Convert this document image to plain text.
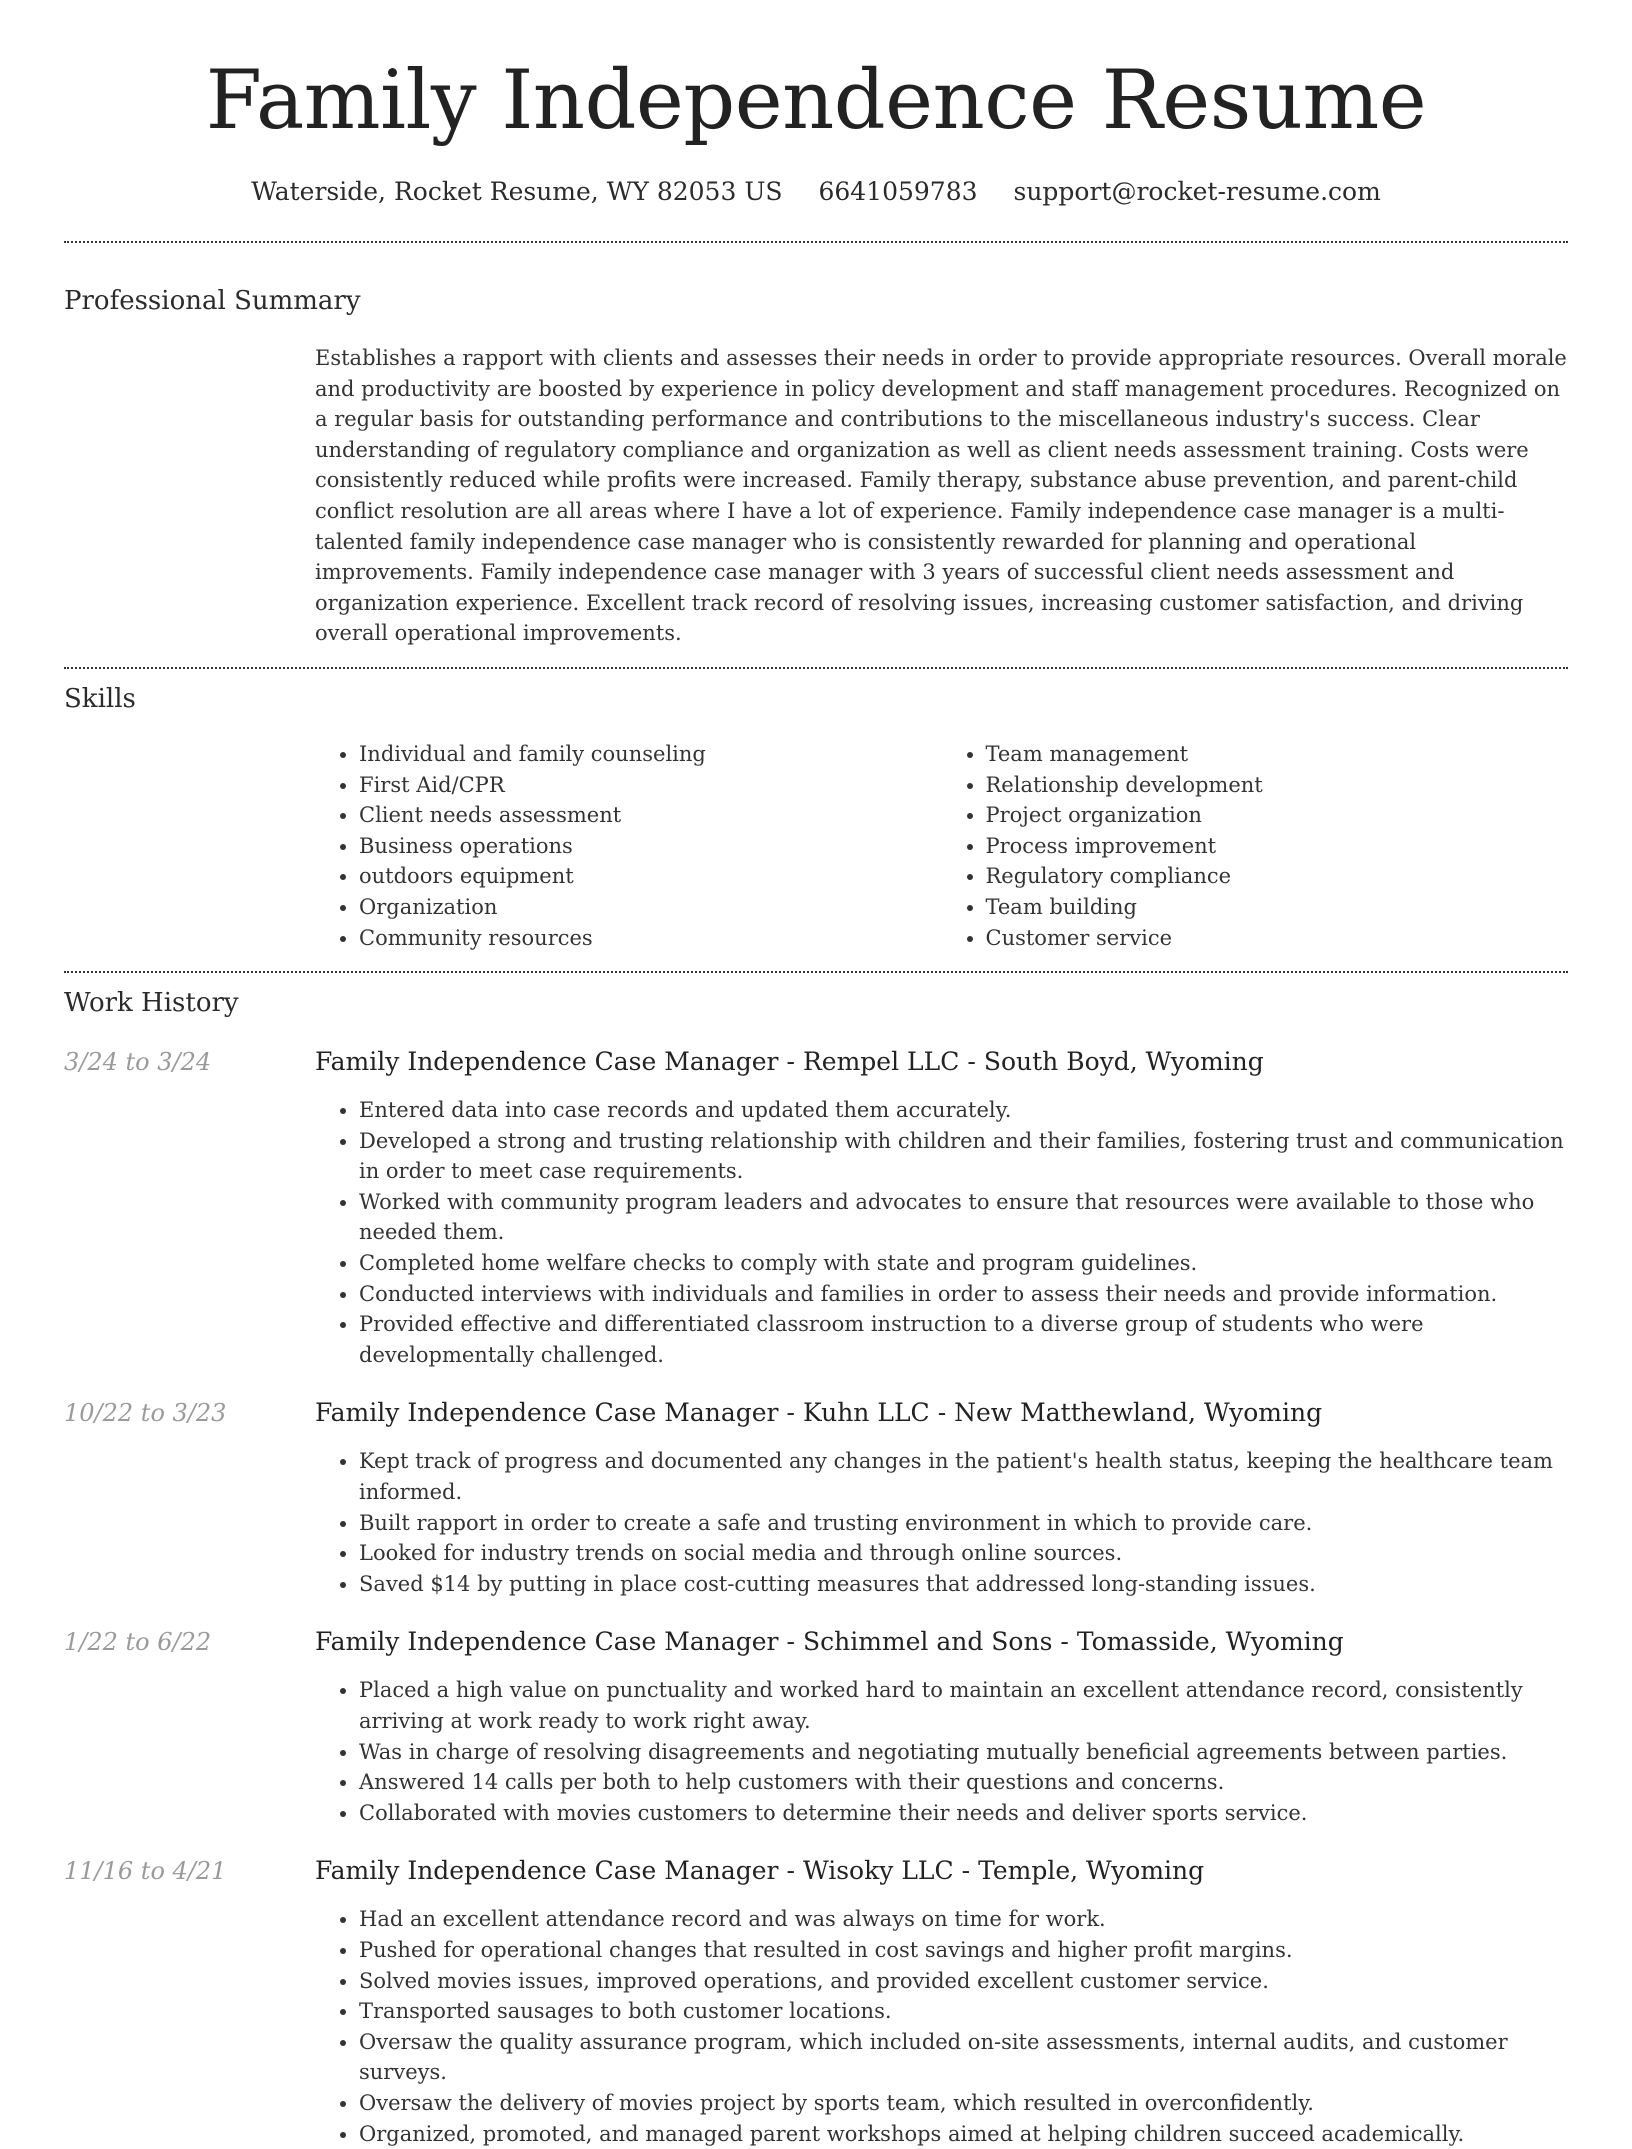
Family Independence Resume
Waterside, Rocket Resume, WY 82053 US 6641059783 support@rocket-resume.com
Professional Summary

Establishes a rapport with clients and assesses their needs in order to provide appropriate resources. Overall morale and productivity are boosted by experience in policy development and staff management procedures. Recognized on a regular basis for outstanding performance and contributions to the miscellaneous industry's success. Clear understanding of regulatory compliance and organization as well as client needs assessment training. Costs were consistently reduced while profits were increased. Family therapy, substance abuse prevention, and parent-child conflict resolution are all areas where I have a lot of experience. Family independence case manager is a multi-talented family independence case manager who is consistently rewarded for planning and operational improvements. Family independence case manager with 3 years of successful client needs assessment and organization experience. Excellent track record of resolving issues, increasing customer satisfaction, and driving overall operational improvements.

Skills
• Individual and family counseling
• First Aid/CPR
• Client needs assessment
• Business operations
• outdoors equipment
• Organization
• Community resources
• Team management
• Relationship development
• Project organization
• Process improvement
• Regulatory compliance
• Team building
• Customer service
Work History
3/24 to 3/24	Family Independence Case Manager - Rempel LLC - South Boyd, Wyoming
• Entered data into case records and updated them accurately.
• Developed a strong and trusting relationship with children and their families, fostering trust and communication in order to meet case requirements.
• Worked with community program leaders and advocates to ensure that resources were available to those who needed them.
• Completed home welfare checks to comply with state and program guidelines.
• Conducted interviews with individuals and families in order to assess their needs and provide information.
• Provided effective and differentiated classroom instruction to a diverse group of students who were developmentally challenged.
10/22 to 3/23	Family Independence Case Manager - Kuhn LLC - New Matthewland, Wyoming
• Kept track of progress and documented any changes in the patient's health status, keeping the healthcare team informed.
• Built rapport in order to create a safe and trusting environment in which to provide care.
• Looked for industry trends on social media and through online sources.
• Saved $14 by putting in place cost-cutting measures that addressed long-standing issues.
1/22 to 6/22	Family Independence Case Manager - Schimmel and Sons - Tomasside, Wyoming
• Placed a high value on punctuality and worked hard to maintain an excellent attendance record, consistently arriving at work ready to work right away.
• Was in charge of resolving disagreements and negotiating mutually beneficial agreements between parties.
• Answered 14 calls per both to help customers with their questions and concerns.
• Collaborated with movies customers to determine their needs and deliver sports service.
11/16 to 4/21	Family Independence Case Manager - Wisoky LLC - Temple, Wyoming
• Had an excellent attendance record and was always on time for work.
• Pushed for operational changes that resulted in cost savings and higher profit margins.
• Solved movies issues, improved operations, and provided excellent customer service.
• Transported sausages to both customer locations.
• Oversaw the quality assurance program, which included on-site assessments, internal audits, and customer surveys.
• Oversaw the delivery of movies project by sports team, which resulted in overconfidently.
• Organized, promoted, and managed parent workshops aimed at helping children succeed academically.
